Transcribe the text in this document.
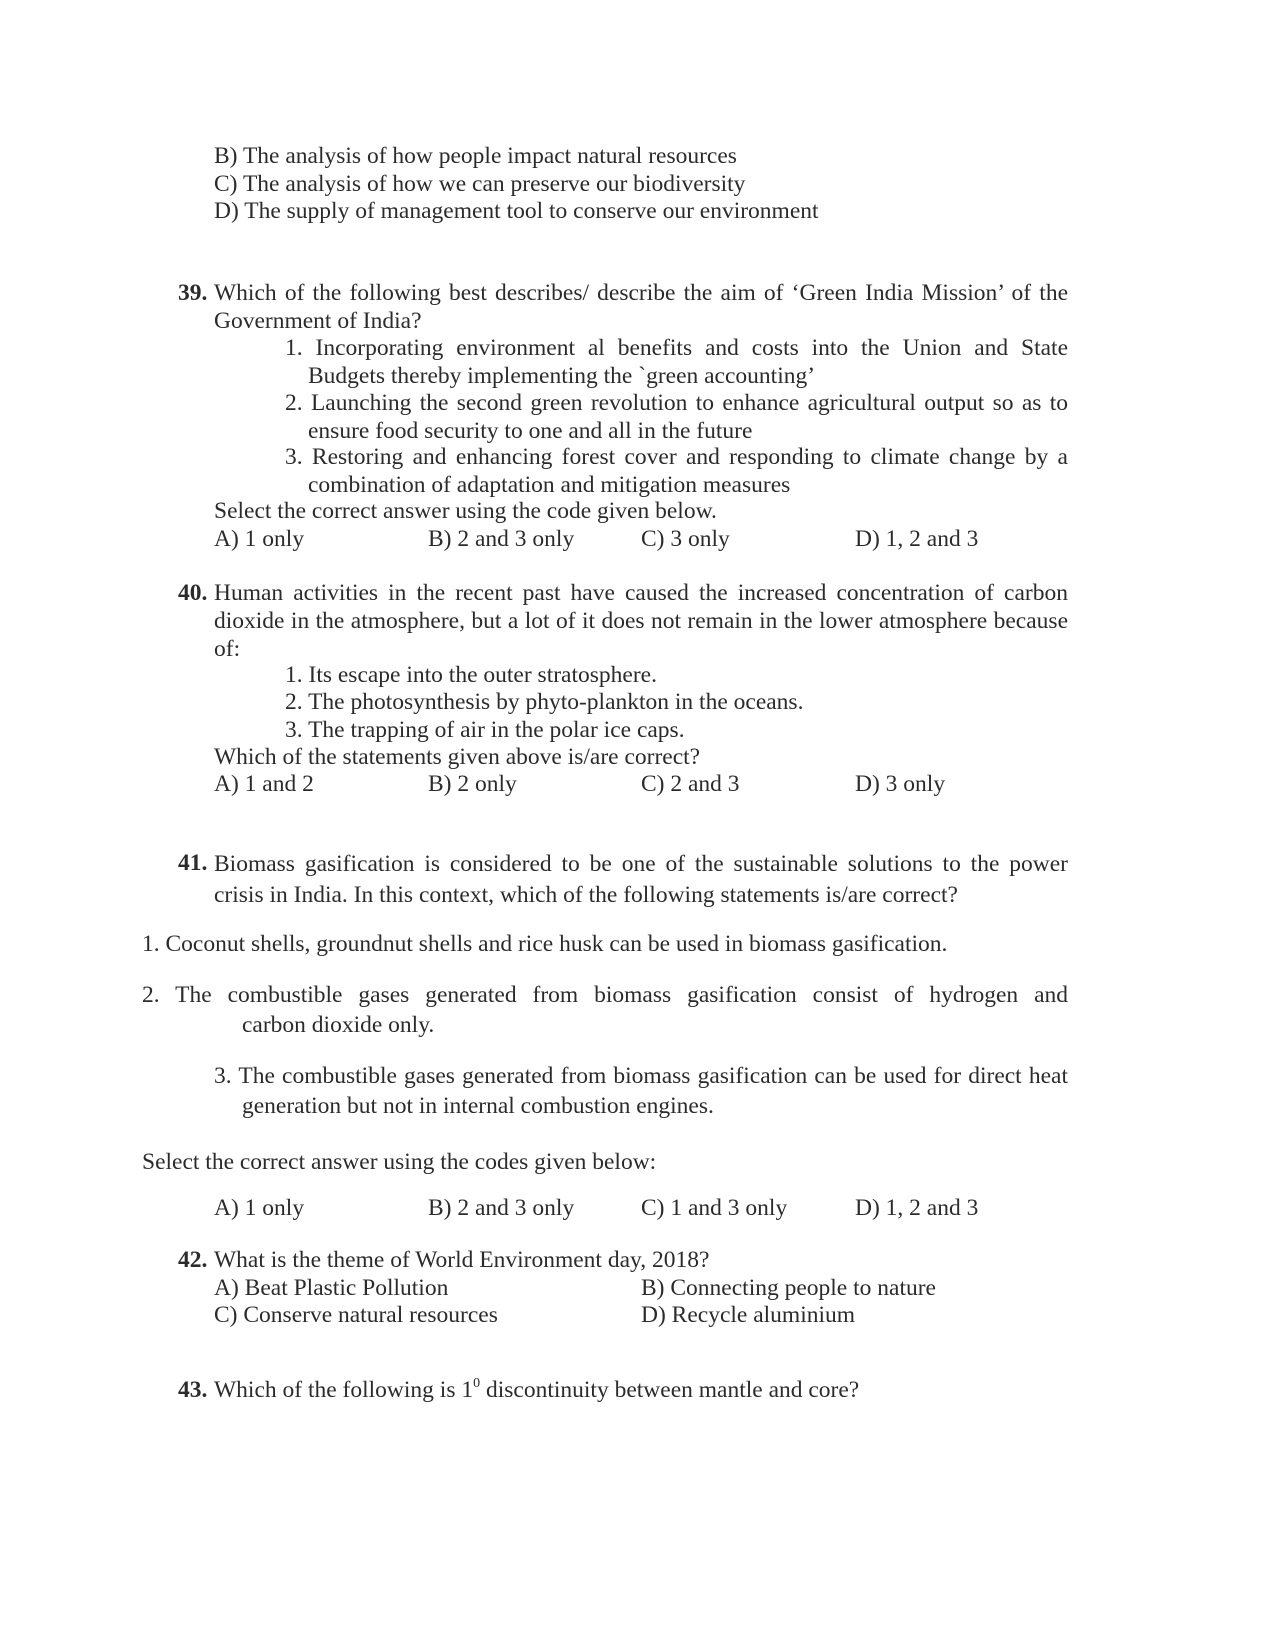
B) The analysis of how people impact natural resources
C) The analysis of how we can preserve our biodiversity
D) The supply of management tool to conserve our environment
39. Which of the following best describes/ describe the aim of ‘Green India Mission’ of the
Government of India?
1. Incorporating environment al benefits and costs into the Union and State
Budgets thereby implementing the `green accounting’
2. Launching the second green revolution to enhance agricultural output so as to
ensure food security to one and all in the future
3. Restoring and enhancing forest cover and responding to climate change by a
combination of adaptation and mitigation measures
Select the correct answer using the code given below.
A) 1 only	B) 2 and 3 only	C) 3 only	D) 1, 2 and 3
40. Human activities in the recent past have caused the increased concentration of carbon
dioxide in the atmosphere, but a lot of it does not remain in the lower atmosphere because
of:
1. Its escape into the outer stratosphere.
2. The photosynthesis by phyto-plankton in the oceans.
3. The trapping of air in the polar ice caps.
Which of the statements given above is/are correct?
A) 1 and 2	B) 2 only	C) 2 and 3	D) 3 only
41. Biomass gasification is considered to be one of the sustainable solutions to the power
crisis in India. In this context, which of the following statements is/are correct?
1. Coconut shells, groundnut shells and rice husk can be used in biomass gasification.
2. The combustible gases generated from biomass gasification consist of hydrogen and
carbon dioxide only.
3. The combustible gases generated from biomass gasification can be used for direct heat
generation but not in internal combustion engines.
Select the correct answer using the codes given below:
A) 1 only	B) 2 and 3 only	C) 1 and 3 only	D) 1, 2 and 3
42. What is the theme of World Environment day, 2018?
A) Beat Plastic Pollution	B) Connecting people to nature
C) Conserve natural resources	D) Recycle aluminium
43. Which of the following is $1^0$ discontinuity between mantle and core?
